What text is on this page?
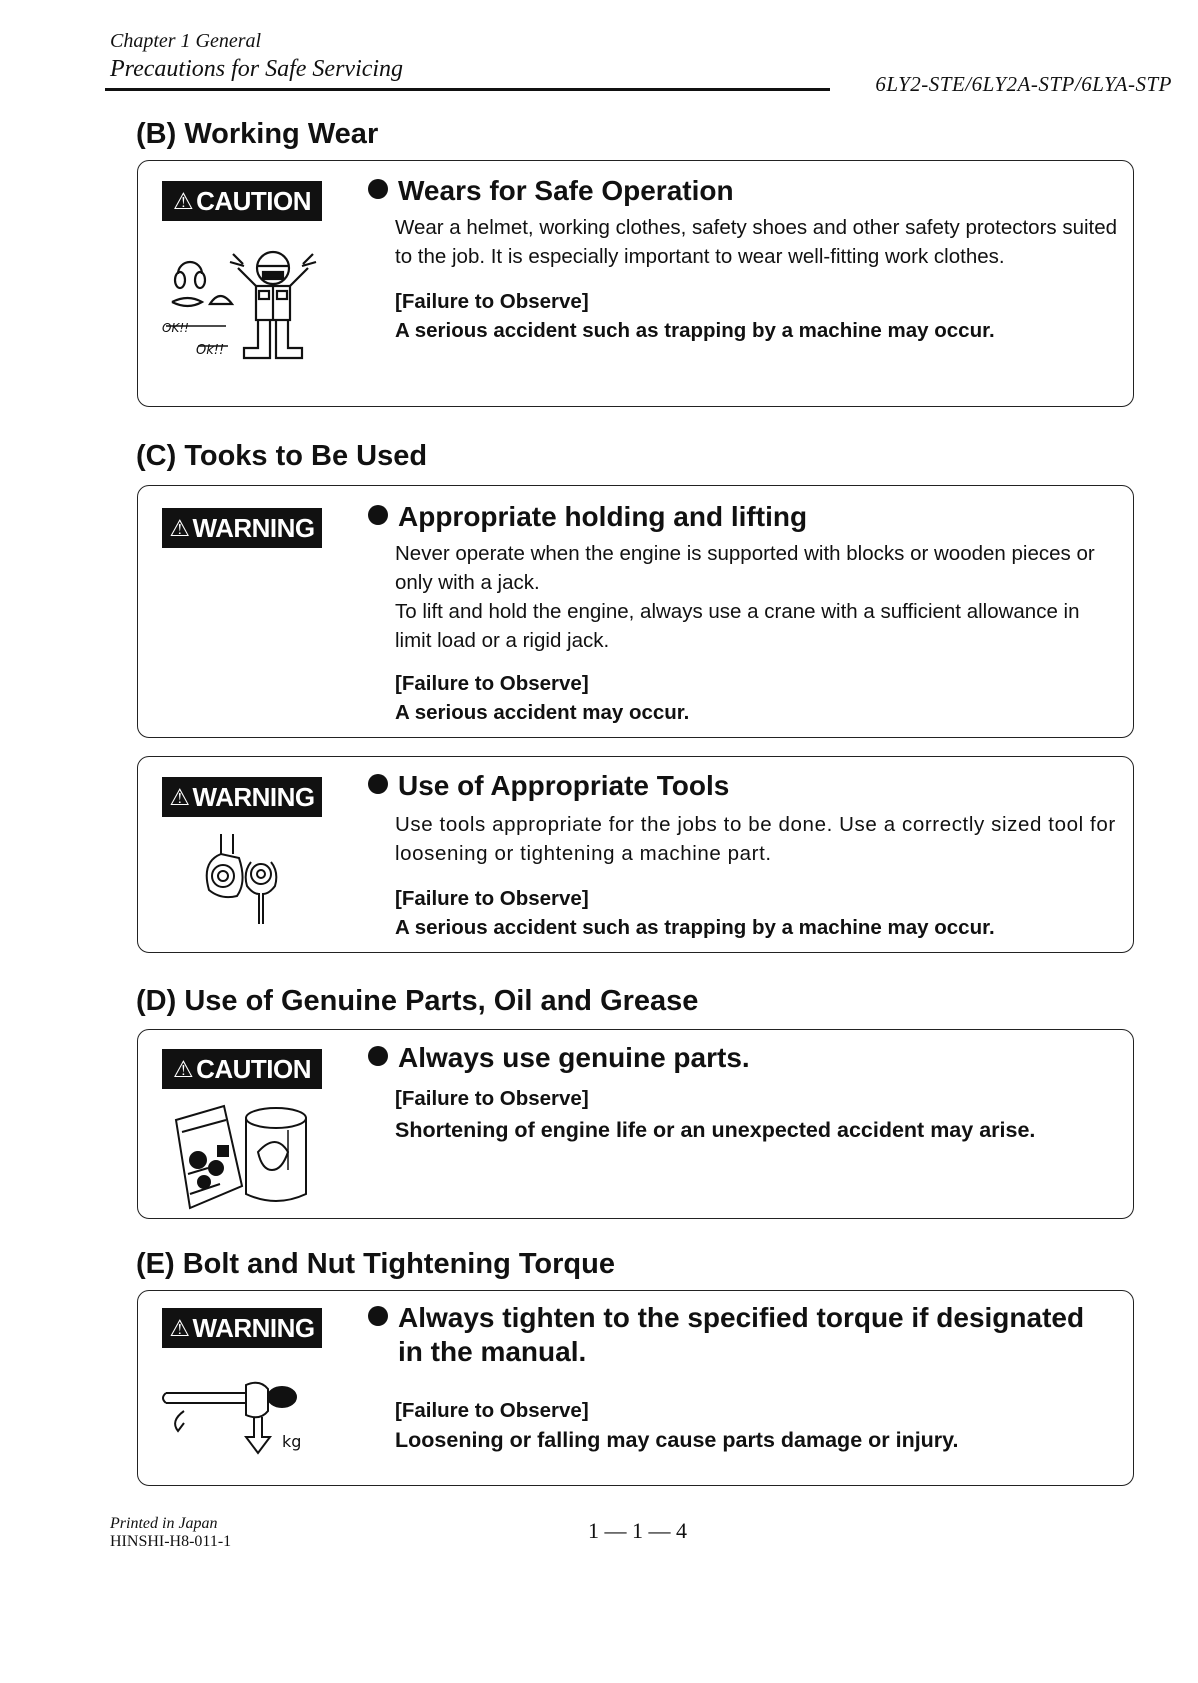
Chapter 1 General
Precautions for Safe Servicing
6LY2-STE/6LY2A-STP/6LYA-STP
(B) Working Wear
⚠ CAUTION
OK!!
Ok!!
Wears for Safe Operation
Wear a helmet, working clothes, safety shoes and other safety protectors suited to the job. It is especially important to wear well-fitting work clothes.
[Failure to Observe]
A serious accident such as trapping by a machine may occur.
(C) Tooks to Be Used
⚠ WARNING	Appropriate holding and lifting
Never operate when the engine is supported with blocks or wooden pieces or only with a jack.
To lift and hold the engine, always use a crane with a sufficient allowance in limit load or a rigid jack.
[Failure to Observe]
A serious accident may occur.
⚠ WARNING	Use of Appropriate Tools
Use tools appropriate for the jobs to be done. Use a correctly sized tool for loosening or tightening a machine part.
[Failure to Observe]
A serious accident such as trapping by a machine may occur.
(D) Use of Genuine Parts, Oil and Grease
⚠ CAUTION	Always use genuine parts.
[Failure to Observe]
Shortening of engine life or an unexpected accident may arise.
(E) Bolt and Nut Tightening Torque
⚠ WARNING
kg
Always tighten to the specified torque if designated
in the manual.
[Failure to Observe]
Loosening or falling may cause parts damage or injury.
Printed in Japan
HINSHI-H8-011-1	1 — 1 — 4
